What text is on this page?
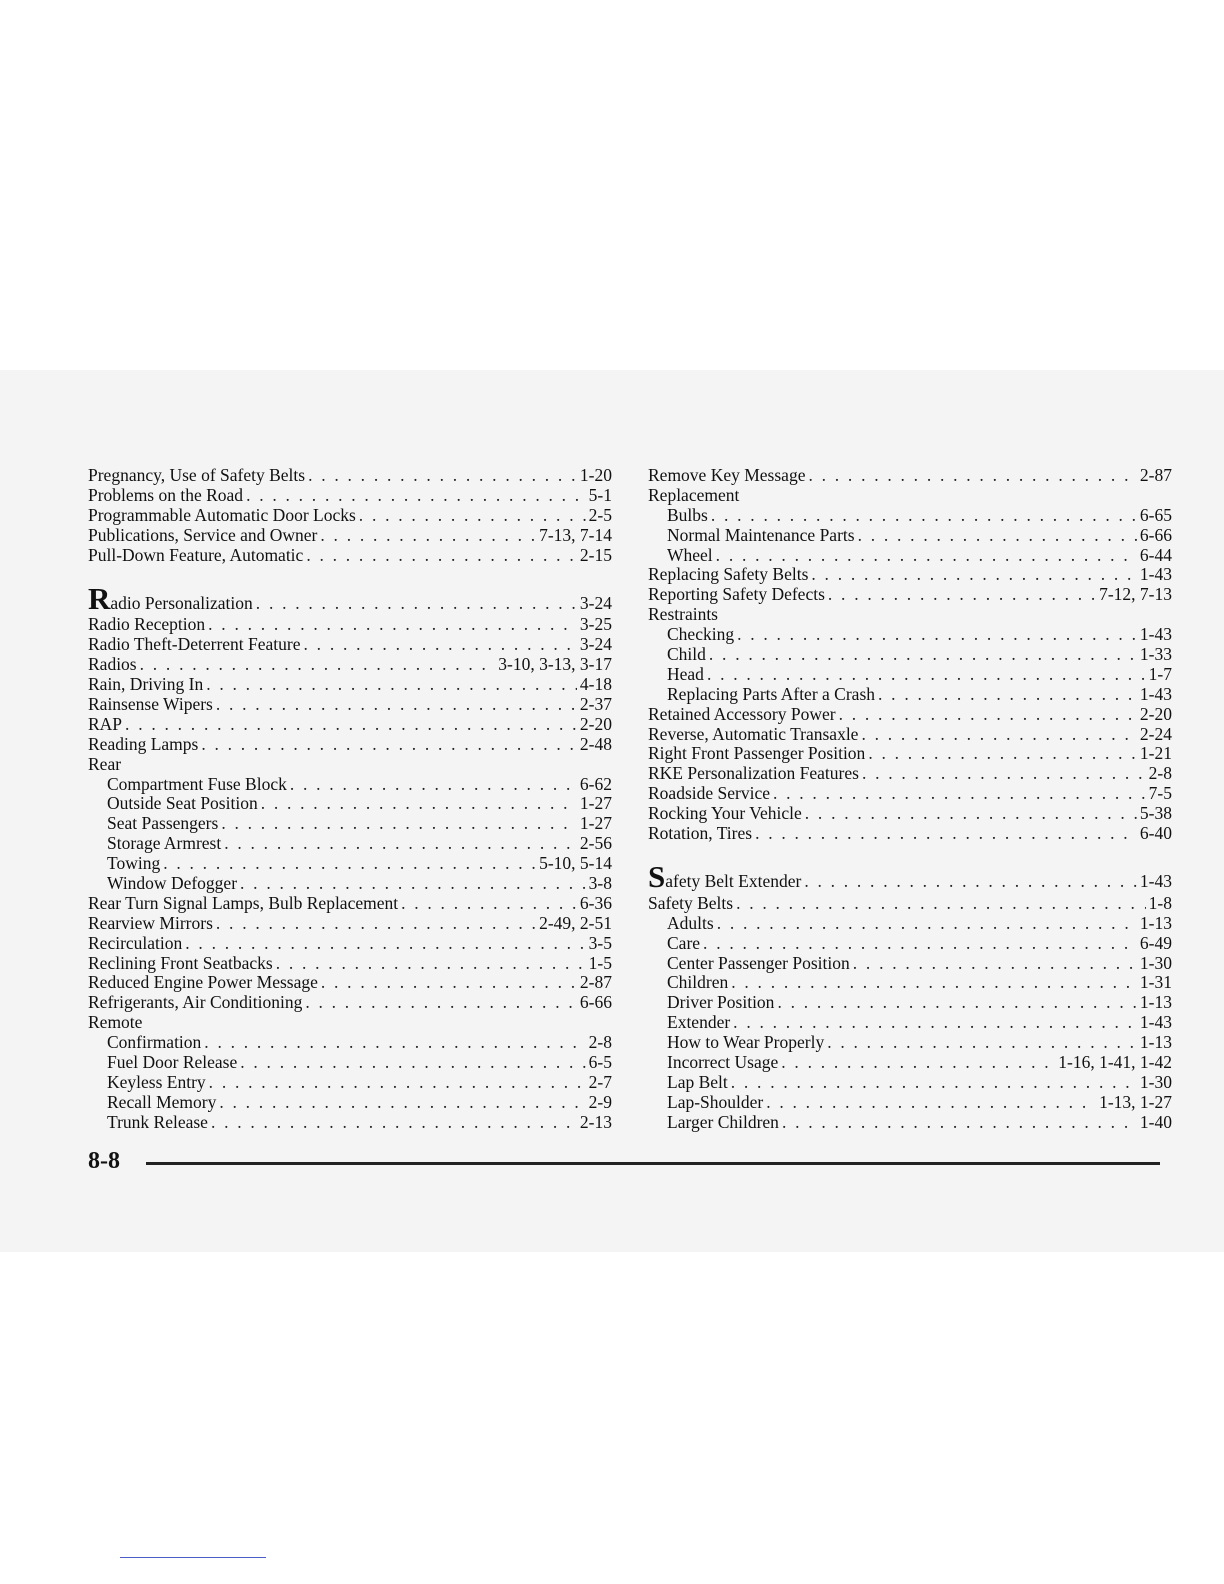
Pregnancy, Use of Safety Belts . . .	1-20
Problems on the Road . . .	5-1
Programmable Automatic Door Locks . . .	2-5
Publications, Service and Owner . . .	7-13, 7-14
Pull-Down Feature, Automatic . . .	2-15
Radio Personalization . . .	3-24
Radio Reception . . .	3-25
Radio Theft-Deterrent Feature . . .	3-24
Radios . . .	3-10, 3-13, 3-17
Rain, Driving In . . .	4-18
Rainsense Wipers . . .	2-37
RAP . . .	2-20
Reading Lamps . . .	2-48
Rear
Compartment Fuse Block . . .	6-62
Outside Seat Position . . .	1-27
Seat Passengers . . .	1-27
Storage Armrest . . .	2-56
Towing . . .	5-10, 5-14
Window Defogger . . .	3-8
Rear Turn Signal Lamps, Bulb Replacement . . .	6-36
Rearview Mirrors . . .	2-49, 2-51
Recirculation . . .	3-5
Reclining Front Seatbacks . . .	1-5
Reduced Engine Power Message . . .	2-87
Refrigerants, Air Conditioning . . .	6-66
Remote
Confirmation . . .	2-8
Fuel Door Release . . .	6-5
Keyless Entry . . .	2-7
Recall Memory . . .	2-9
Trunk Release . . .	2-13
Remove Key Message . . .	2-87
Replacement
Bulbs . . .	6-65
Normal Maintenance Parts . . .	6-66
Wheel . . .	6-44
Replacing Safety Belts . . .	1-43
Reporting Safety Defects . . .	7-12, 7-13
Restraints
Checking . . .	1-43
Child . . .	1-33
Head . . .	1-7
Replacing Parts After a Crash . . .	1-43
Retained Accessory Power . . .	2-20
Reverse, Automatic Transaxle . . .	2-24
Right Front Passenger Position . . .	1-21
RKE Personalization Features . . .	2-8
Roadside Service . . .	7-5
Rocking Your Vehicle . . .	5-38
Rotation, Tires . . .	6-40
Safety Belt Extender . . .	1-43
Safety Belts . . .	1-8
Adults . . .	1-13
Care . . .	6-49
Center Passenger Position . . .	1-30
Children . . .	1-31
Driver Position . . .	1-13
Extender . . .	1-43
How to Wear Properly . . .	1-13
Incorrect Usage . . .	1-16, 1-41, 1-42
Lap Belt . . .	1-30
Lap-Shoulder . . .	1-13, 1-27
Larger Children . . .	1-40
8-8
